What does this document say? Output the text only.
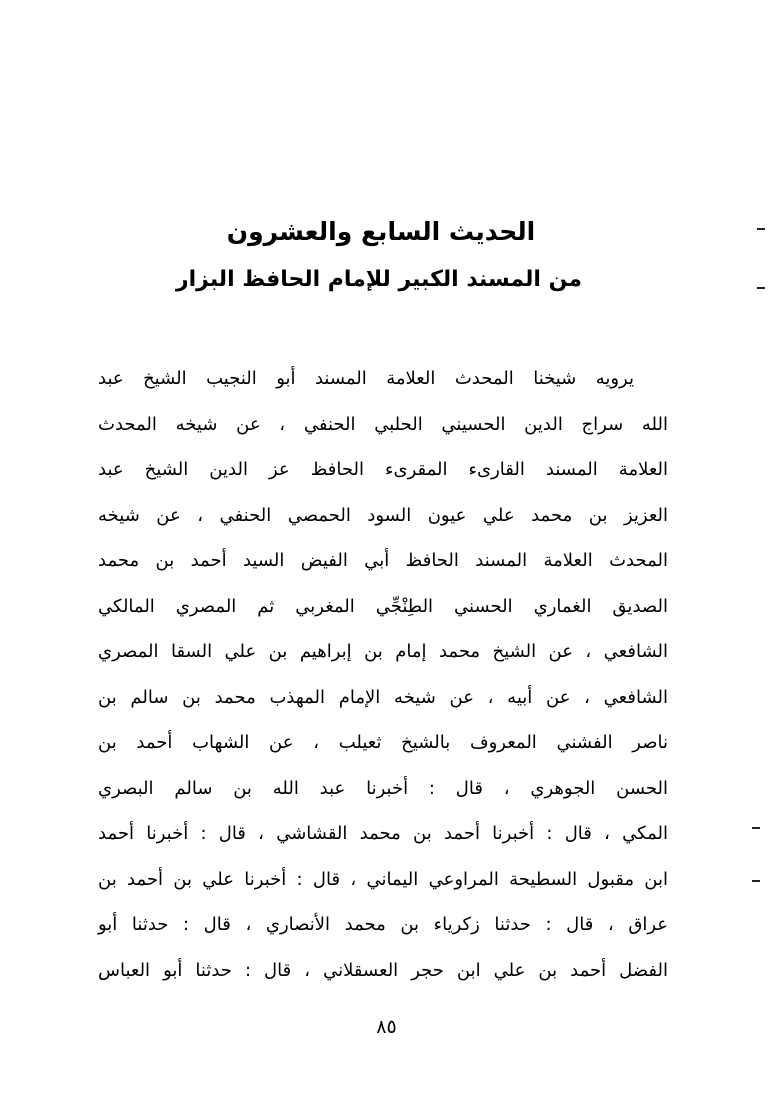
الحديث السابع والعشرون
من المسند الكبير للإمام الحافظ البزار
يرويه شيخنا المحدث العلامة المسند أبو النجيب الشيخ عبد
الله سراج الدين الحسيني الحلبي الحنفي ، عن شيخه المحدث
العلامة المسند القارىء المقرىء الحافظ عز الدين الشيخ عبد
العزيز بن محمد علي عيون السود الحمصي الحنفي ، عن شيخه
المحدث العلامة المسند الحافظ أبي الفيض السيد أحمد بن محمد
الصديق الغماري الحسني الطِنْجِّي المغربي ثم المصري المالكي
الشافعي ، عن الشيخ محمد إمام بن إبراهيم بن علي السقا المصري
الشافعي ، عن أبيه ، عن شيخه الإمام المهذب محمد بن سالم بن
ناصر الفشني المعروف بالشيخ ثعيلب ، عن الشهاب أحمد بن
الحسن الجوهري ، قال : أخبرنا عبد الله بن سالم البصري
المكي ، قال : أخبرنا أحمد بن محمد القشاشي ، قال : أخبرنا أحمد
ابن مقبول السطيحة المراوعي اليماني ، قال : أخبرنا علي بن أحمد بن
عراق ، قال : حدثنا زكرياء بن محمد الأنصاري ، قال : حدثنا أبو
الفضل أحمد بن علي ابن حجر العسقلاني ، قال : حدثنا أبو العباس
٨٥
